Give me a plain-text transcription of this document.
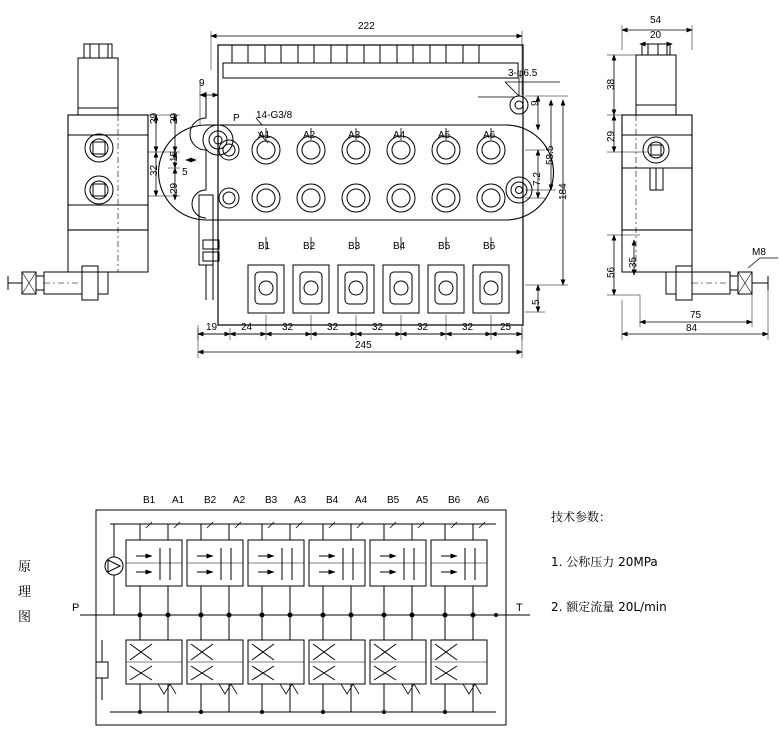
222
9
3-φ6.5
14-G3/8
P
A1	A2	A3	A4	A5	A6
B1	B2	B3	B4	B5	B6
19 24	32	32	32	32	32	25
245
9
7.2
58.5
184
5
29
32
29
15
29
5
54
20
38
29
35
56
75
84
M8
B1 A1 B2 A2 B3 A3 B4 A4 B5 A5 B6 A6
P	T
原
理
图
技术参数：
1. 公称压力 20MPa
2. 额定流量 20L/min
